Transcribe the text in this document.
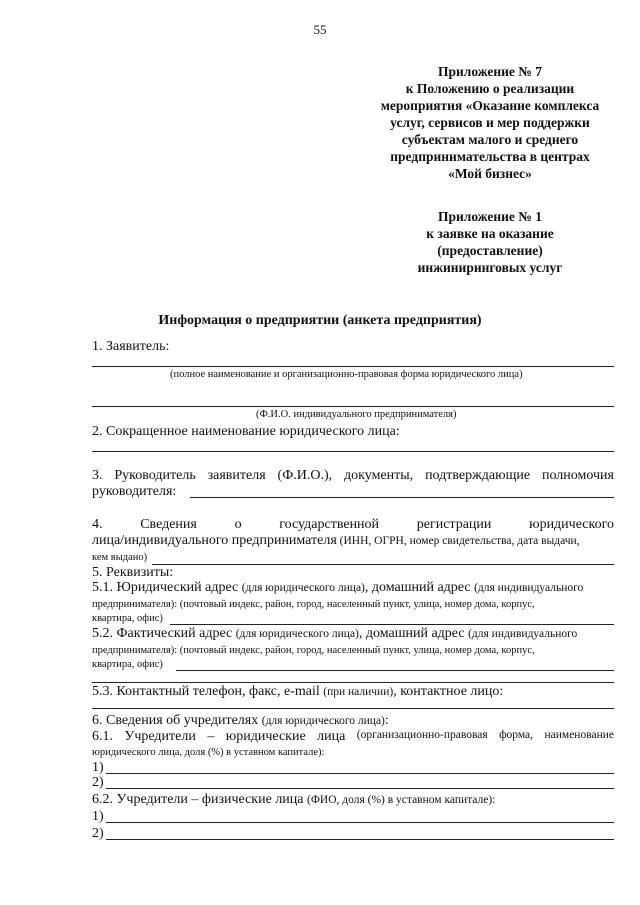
55
Приложение № 7
к Положению о реализации
мероприятия «Оказание комплекса
услуг, сервисов и мер поддержки
субъектам малого и среднего
предпринимательства в центрах
«Мой бизнес»
Приложение № 1
к заявке на оказание
(предоставление)
инжиниринговых услуг
Информация о предприятии (анкета предприятия)
1. Заявитель:
(полное наименование и организационно-правовая форма юридического лица)
(Ф.И.О. индивидуального предпринимателя)
2. Сокращенное наименование юридического лица:
3. Руководитель заявителя (Ф.И.О.), документы, подтверждающие полномочия
руководителя:
4.	Сведения	о	государственной	регистрации	юридического
лица/индивидуального предпринимателя (ИНН, ОГРН, номер свидетельства, дата выдачи,
кем выдано)
5. Реквизиты:
5.1. Юридический адрес (для юридического лица), домашний адрес (для индивидуального
предпринимателя): (почтовый индекс, район, город, населенный пункт, улица, номер дома, корпус,
квартира, офис)
5.2. Фактический адрес (для юридического лица), домашний адрес (для индивидуального
предпринимателя): (почтовый индекс, район, город, населенный пункт, улица, номер дома, корпус,
квартира, офис)
5.3. Контактный телефон, факс, e-mail (при наличии), контактное лицо:
6. Сведения об учредителях (для юридического лица):
6.1. Учредители – юридические лица (организационно-правовая форма, наименование
юридического лица, доля (%) в уставном капитале):
1)
2)
6.2. Учредители – физические лица (ФИО, доля (%) в уставном капитале):
1)
2)
